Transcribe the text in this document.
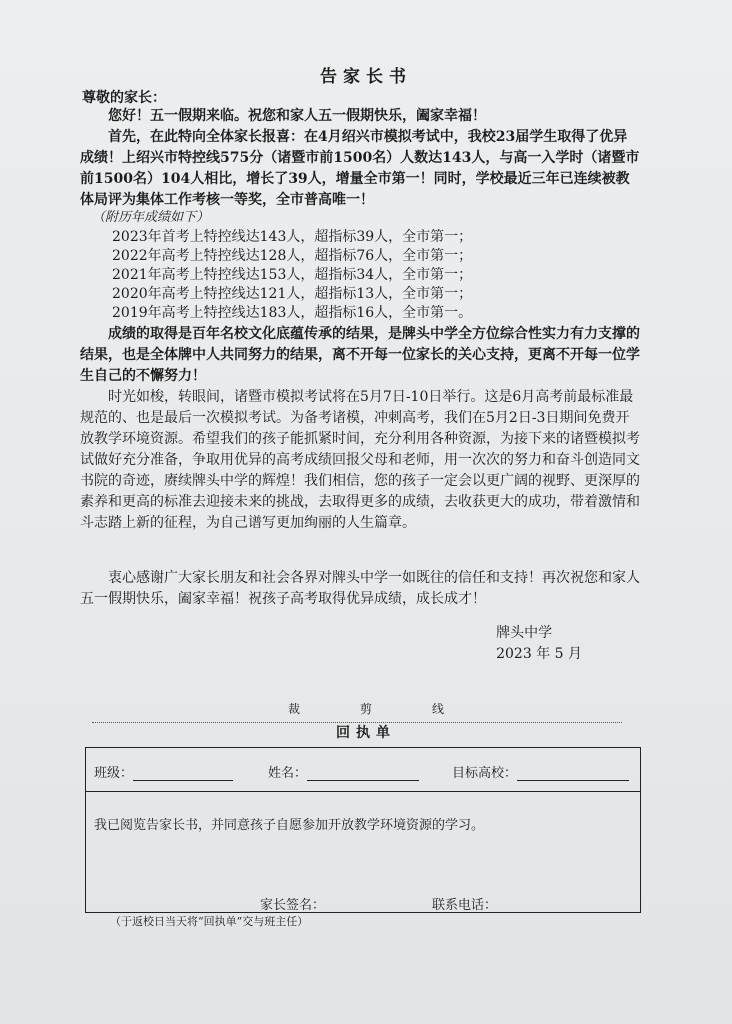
告家长书
尊敬的家长：
您好！五一假期来临。祝您和家人五一假期快乐，阖家幸福！
首先，在此特向全体家长报喜：在4月绍兴市模拟考试中，我校23届学生取得了优异成绩！上绍兴市特控线575分（诸暨市前1500名）人数达143人，与高一入学时（诸暨市前1500名）104人相比，增长了39人，增量全市第一！同时，学校最近三年已连续被教体局评为集体工作考核一等奖，全市普高唯一！
（附历年成绩如下）
2023年首考上特控线达143人，超指标39人，全市第一；
2022年高考上特控线达128人，超指标76人，全市第一；
2021年高考上特控线达153人，超指标34人，全市第一；
2020年高考上特控线达121人，超指标13人，全市第一；
2019年高考上特控线达183人，超指标16人，全市第一。
成绩的取得是百年名校文化底蕴传承的结果，是牌头中学全方位综合性实力有力支撑的结果，也是全体牌中人共同努力的结果，离不开每一位家长的关心支持，更离不开每一位学生自己的不懈努力！
时光如梭，转眼间，诸暨市模拟考试将在5月7日-10日举行。这是6月高考前最标准最规范的、也是最后一次模拟考试。为备考诸模，冲刺高考，我们在5月2日-3日期间免费开放教学环境资源。希望我们的孩子能抓紧时间，充分利用各种资源，为接下来的诸暨模拟考试做好充分准备，争取用优异的高考成绩回报父母和老师，用一次次的努力和奋斗创造同文书院的奇迹，赓续牌头中学的辉煌！我们相信，您的孩子一定会以更广阔的视野、更深厚的素养和更高的标准去迎接未来的挑战，去取得更多的成绩，去收获更大的成功，带着激情和斗志踏上新的征程，为自己谱写更加绚丽的人生篇章。
衷心感谢广大家长朋友和社会各界对牌头中学一如既往的信任和支持！再次祝您和家人五一假期快乐，阖家幸福！祝孩子高考取得优异成绩，成长成才！
牌头中学
2023 年 5 月
裁剪线
回执单
班级：	姓名：	目标高校：
我已阅览告家长书，并同意孩子自愿参加开放教学环境资源的学习。
家长签名：	联系电话：
（于返校日当天将“回执单”交与班主任）
